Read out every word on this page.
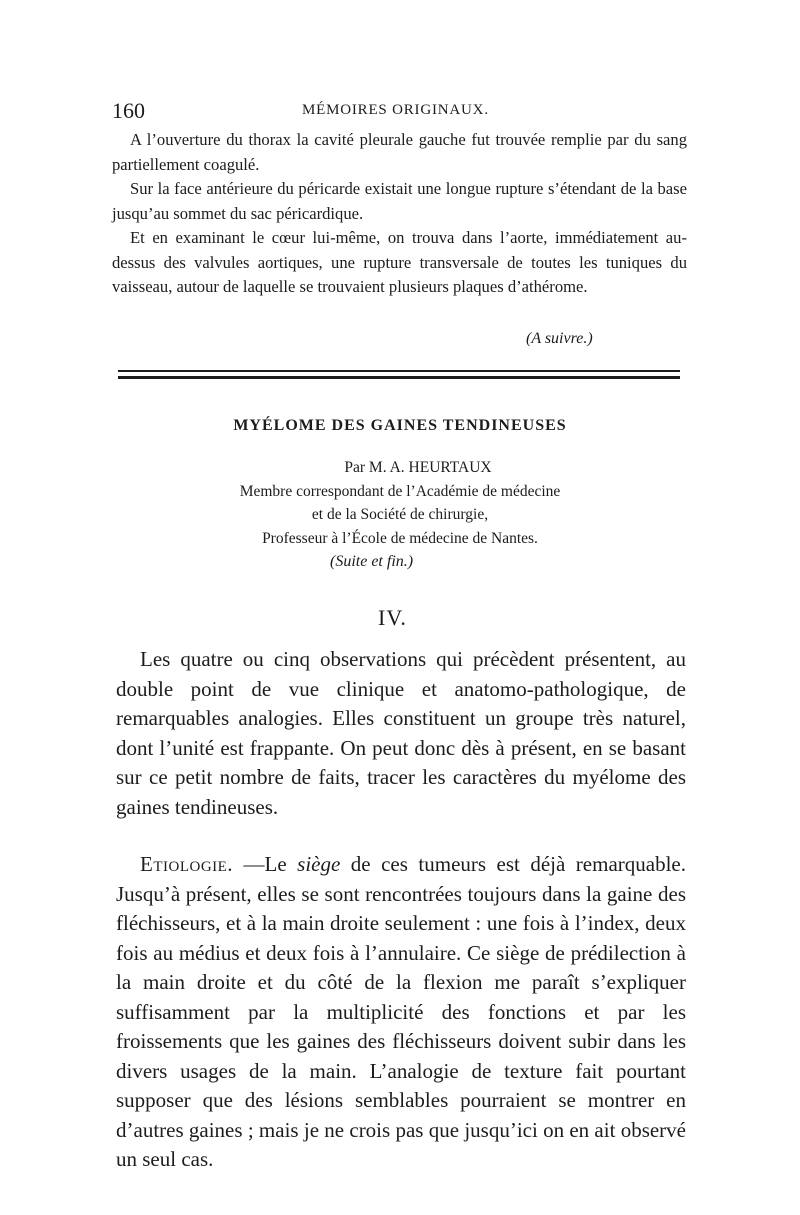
160	MÉMOIRES ORIGINAUX.

A l’ouverture du thorax la cavité pleurale gauche fut trouvée remplie par du sang partiellement coagulé.

Sur la face antérieure du péricarde existait une longue rupture s’étendant de la base jusqu’au sommet du sac péricardique.

Et en examinant le cœur lui-même, on trouva dans l’aorte, immédiatement au-dessus des valvules aortiques, une rupture transversale de toutes les tuniques du vaisseau, autour de laquelle se trouvaient plusieurs plaques d’athérome.

(A suivre.)
MYÉLOME DES GAINES TENDINEUSES
Par M. A. HEURTAUX
Membre correspondant de l’Académie de médecine
et de la Société de chirurgie,
Professeur à l’École de médecine de Nantes.
(Suite et fin.)
IV.

Les quatre ou cinq observations qui précèdent présentent, au double point de vue clinique et anatomo-pathologique, de remarquables analogies. Elles constituent un groupe très naturel, dont l’unité est frappante. On peut donc dès à présent, en se basant sur ce petit nombre de faits, tracer les caractères du myélome des gaines tendineuses.

Etiologie. —Le siège de ces tumeurs est déjà remarquable. Jusqu’à présent, elles se sont rencontrées toujours dans la gaine des fléchisseurs, et à la main droite seulement : une fois à l’index, deux fois au médius et deux fois à l’annulaire. Ce siège de prédilection à la main droite et du côté de la flexion me paraît s’expliquer suffisamment par la multiplicité des fonctions et par les froissements que les gaines des fléchisseurs doivent subir dans les divers usages de la main. L’analogie de texture fait pourtant supposer que des lésions semblables pourraient se montrer en d’autres gaines ; mais je ne crois pas que jusqu’ici on en ait observé un seul cas.
